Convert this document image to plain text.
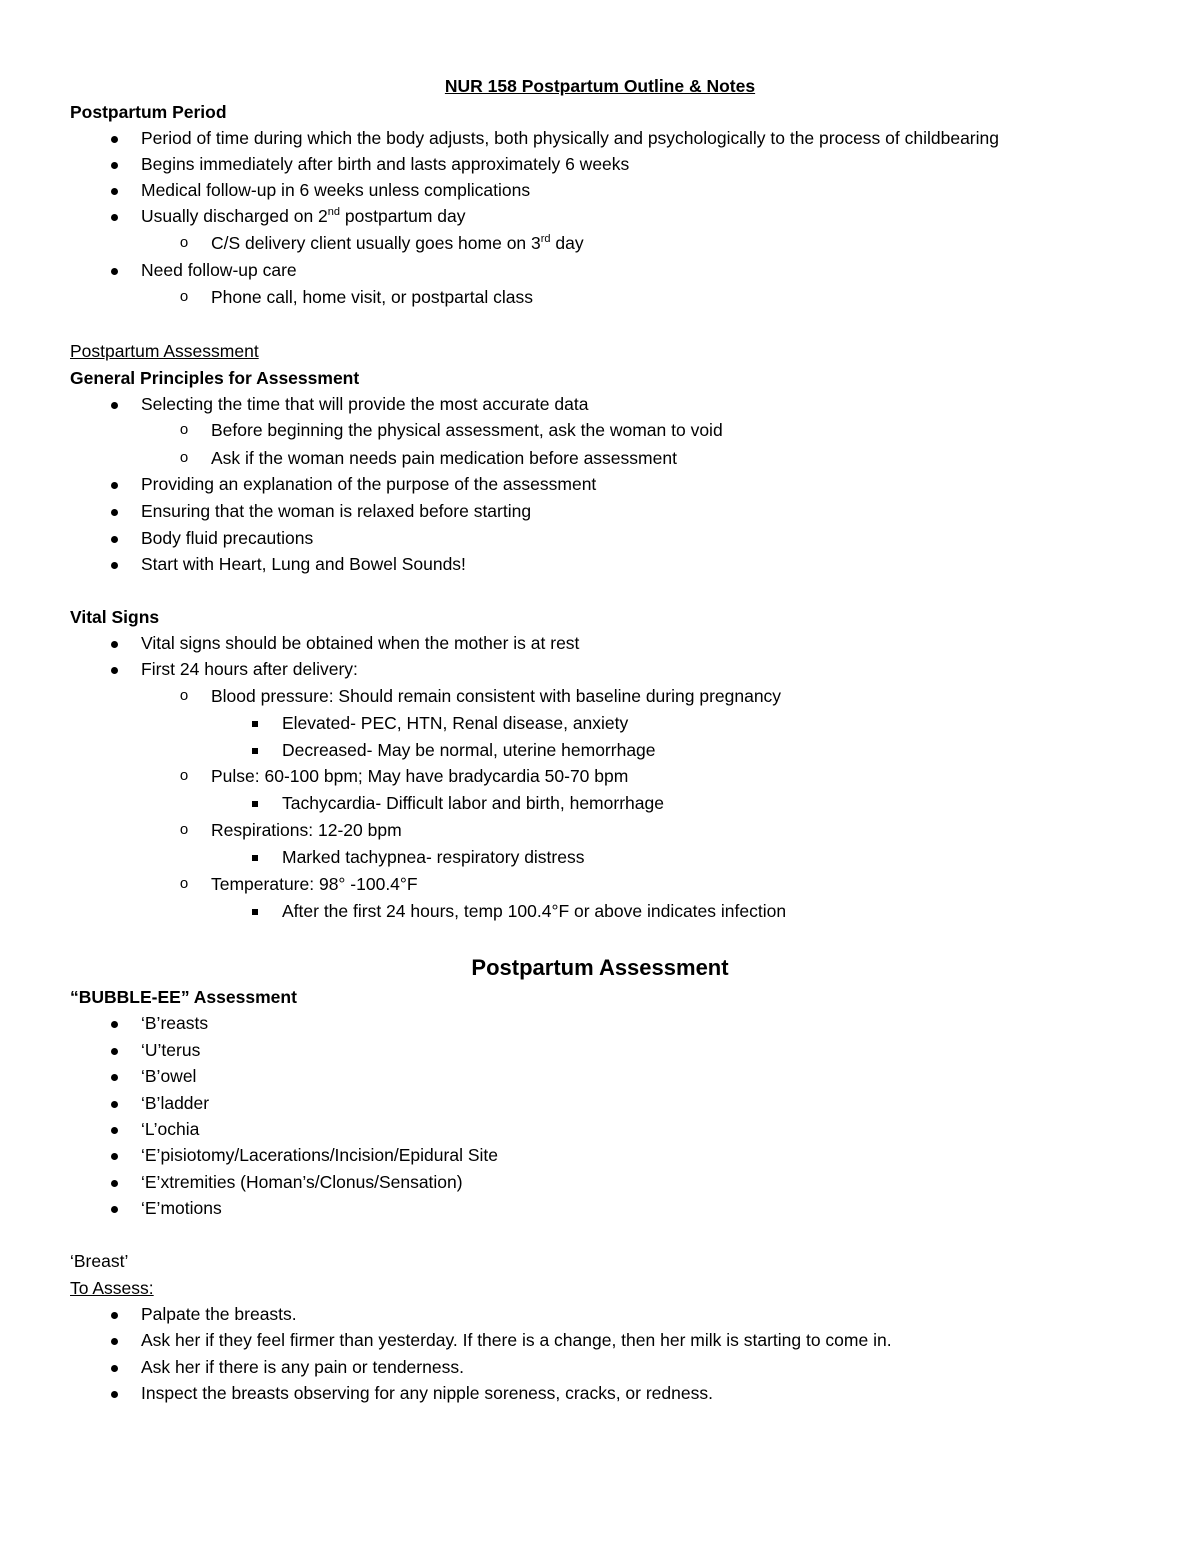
NUR 158 Postpartum Outline & Notes
Postpartum Period
Period of time during which the body adjusts, both physically and psychologically to the process of childbearing
Begins immediately after birth and lasts approximately 6 weeks
Medical follow-up in 6 weeks unless complications
Usually discharged on 2nd postpartum day
o	C/S delivery client usually goes home on 3rd day
Need follow-up care
o	Phone call, home visit, or postpartal class
Postpartum Assessment
General Principles for Assessment
Selecting the time that will provide the most accurate data
o	Before beginning the physical assessment, ask the woman to void
o	Ask if the woman needs pain medication before assessment
Providing an explanation of the purpose of the assessment
Ensuring that the woman is relaxed before starting
Body fluid precautions
Start with Heart, Lung and Bowel Sounds!
Vital Signs
Vital signs should be obtained when the mother is at rest
First 24 hours after delivery:
o	Blood pressure: Should remain consistent with baseline during pregnancy
Elevated- PEC, HTN, Renal disease, anxiety
Decreased- May be normal, uterine hemorrhage
o	Pulse: 60-100 bpm; May have bradycardia 50-70 bpm
Tachycardia- Difficult labor and birth, hemorrhage
o	Respirations: 12-20 bpm
Marked tachypnea- respiratory distress
o	Temperature: 98° -100.4°F
After the first 24 hours, temp 100.4°F or above indicates infection
Postpartum Assessment
“BUBBLE-EE” Assessment
‘B’reasts
‘U’terus
‘B’owel
‘B’ladder
‘L’ochia
‘E’pisiotomy/Lacerations/Incision/Epidural Site
‘E’xtremities (Homan’s/Clonus/Sensation)
‘E’motions
‘Breast’
To Assess:
Palpate the breasts.
Ask her if they feel firmer than yesterday. If there is a change, then her milk is starting to come in.
Ask her if there is any pain or tenderness.
Inspect the breasts observing for any nipple soreness, cracks, or redness.
